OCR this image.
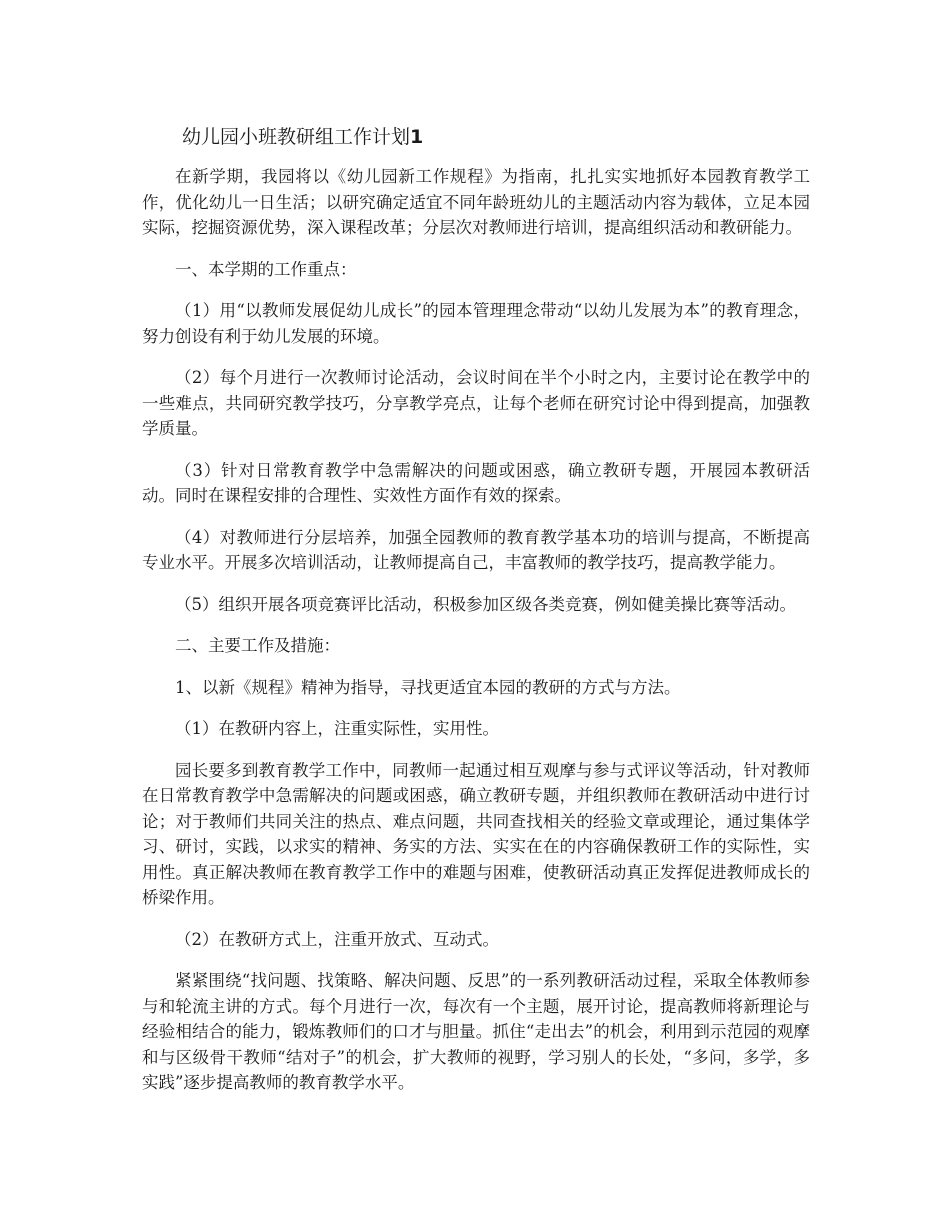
幼儿园小班教研组工作计划1

在新学期，我园将以《幼儿园新工作规程》为指南，扎扎实实地抓好本园教育教学工作，优化幼儿一日生活；以研究确定适宜不同年龄班幼儿的主题活动内容为载体，立足本园实际，挖掘资源优势，深入课程改革；分层次对教师进行培训，提高组织活动和教研能力。

一、本学期的工作重点：

（1）用“以教师发展促幼儿成长”的园本管理理念带动“以幼儿发展为本”的教育理念，努力创设有利于幼儿发展的环境。

（2）每个月进行一次教师讨论活动，会议时间在半个小时之内，主要讨论在教学中的一些难点，共同研究教学技巧，分享教学亮点，让每个老师在研究讨论中得到提高，加强教学质量。

（3）针对日常教育教学中急需解决的问题或困惑，确立教研专题，开展园本教研活动。同时在课程安排的合理性、实效性方面作有效的探索。

（4）对教师进行分层培养，加强全园教师的教育教学基本功的培训与提高，不断提高专业水平。开展多次培训活动，让教师提高自己，丰富教师的教学技巧，提高教学能力。

（5）组织开展各项竞赛评比活动，积极参加区级各类竞赛，例如健美操比赛等活动。

二、主要工作及措施：

1、以新《规程》精神为指导，寻找更适宜本园的教研的方式与方法。

（1）在教研内容上，注重实际性，实用性。

园长要多到教育教学工作中，同教师一起通过相互观摩与参与式评议等活动，针对教师在日常教育教学中急需解决的问题或困惑，确立教研专题，并组织教师在教研活动中进行讨论；对于教师们共同关注的热点、难点问题，共同查找相关的经验文章或理论，通过集体学习、研讨，实践，以求实的精神、务实的方法、实实在在的内容确保教研工作的实际性，实用性。真正解决教师在教育教学工作中的难题与困难，使教研活动真正发挥促进教师成长的桥梁作用。

（2）在教研方式上，注重开放式、互动式。

紧紧围绕“找问题、找策略、解决问题、反思”的一系列教研活动过程，采取全体教师参与和轮流主讲的方式。每个月进行一次，每次有一个主题，展开讨论，提高教师将新理论与经验相结合的能力，锻炼教师们的口才与胆量。抓住“走出去”的机会，利用到示范园的观摩和与区级骨干教师“结对子”的机会，扩大教师的视野，学习别人的长处，“多问，多学，多实践”逐步提高教师的教育教学水平。
